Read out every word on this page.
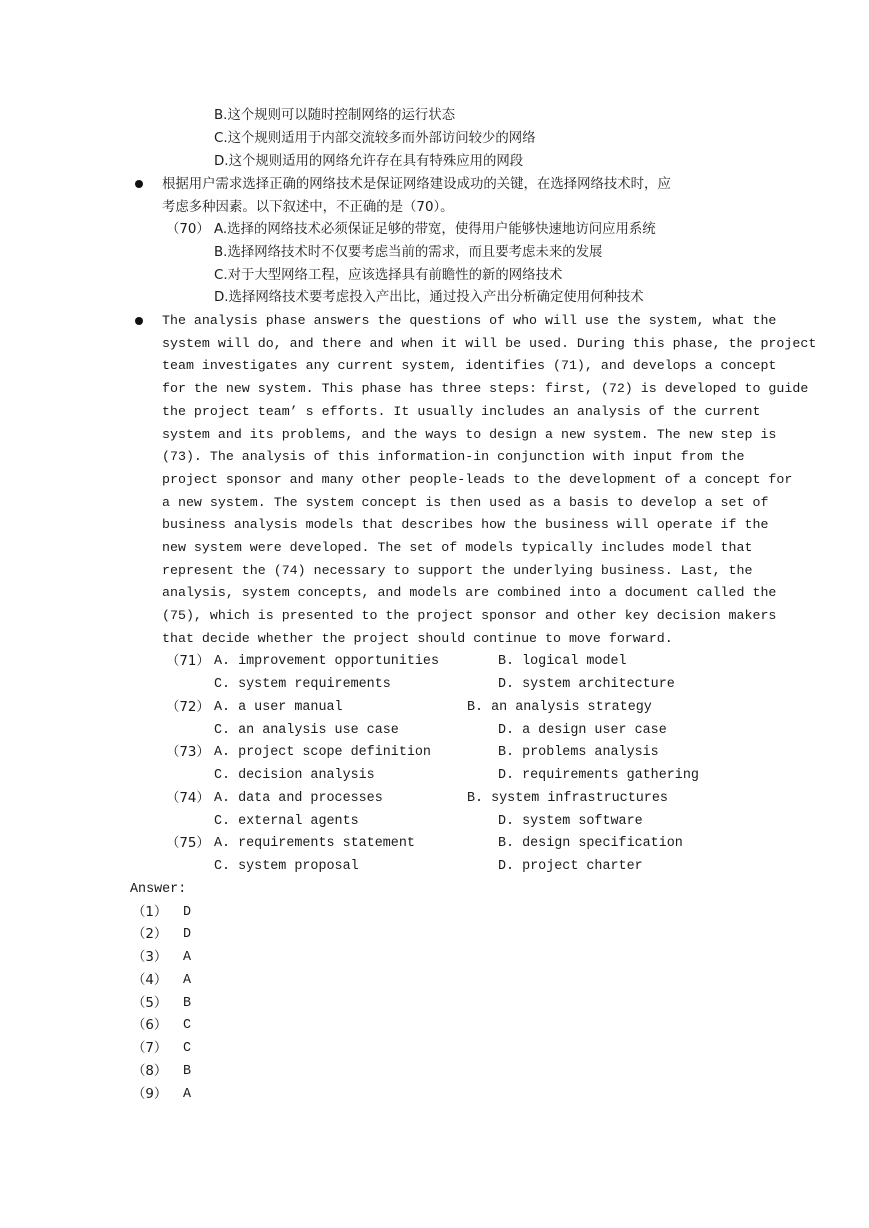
B.这个规则可以随时控制网络的运行状态
C.这个规则适用于内部交流较多而外部访问较少的网络
D.这个规则适用的网络允许存在具有特殊应用的网段
根据用户需求选择正确的网络技术是保证网络建设成功的关键，在选择网络技术时，应
考虑多种因素。以下叙述中，不正确的是（70）。
（70） A.选择的网络技术必须保证足够的带宽，使得用户能够快速地访问应用系统
B.选择网络技术时不仅要考虑当前的需求，而且要考虑未来的发展
C.对于大型网络工程，应该选择具有前瞻性的新的网络技术
D.选择网络技术要考虑投入产出比，通过投入产出分析确定使用何种技术
The analysis phase answers the questions of who will use the system, what the
system will do, and there and when it will be used. During this phase, the project
team investigates any current system, identifies (71), and develops a concept
for the new system. This phase has three steps: first, (72) is developed to guide
the project team’ s efforts. It usually includes an analysis of the current
system and its problems, and the ways to design a new system. The new step is
(73). The analysis of this information-in conjunction with input from the
project sponsor and many other people-leads to the development of a concept for
a new system. The system concept is then used as a basis to develop a set of
business analysis models that describes how the business will operate if the
new system were developed. The set of models typically includes model that
represent the (74) necessary to support the underlying business. Last, the
analysis, system concepts, and models are combined into a document called the
(75), which is presented to the project sponsor and other key decision makers
that decide whether the project should continue to move forward.
（71） A. improvement opportunities	B. logical model
C. system requirements	D. system architecture
（72） A. a user manual	B. an analysis strategy
C. an analysis use case	D. a design user case
（73） A. project scope definition	B. problems analysis
C. decision analysis	D. requirements gathering
（74） A. data and processes	B. system infrastructures
C. external agents	D. system software
（75） A. requirements statement	B. design specification
C. system proposal	D. project charter
Answer:
（1） D
（2） D
（3） A
（4） A
（5） B
（6） C
（7） C
（8） B
（9） A
